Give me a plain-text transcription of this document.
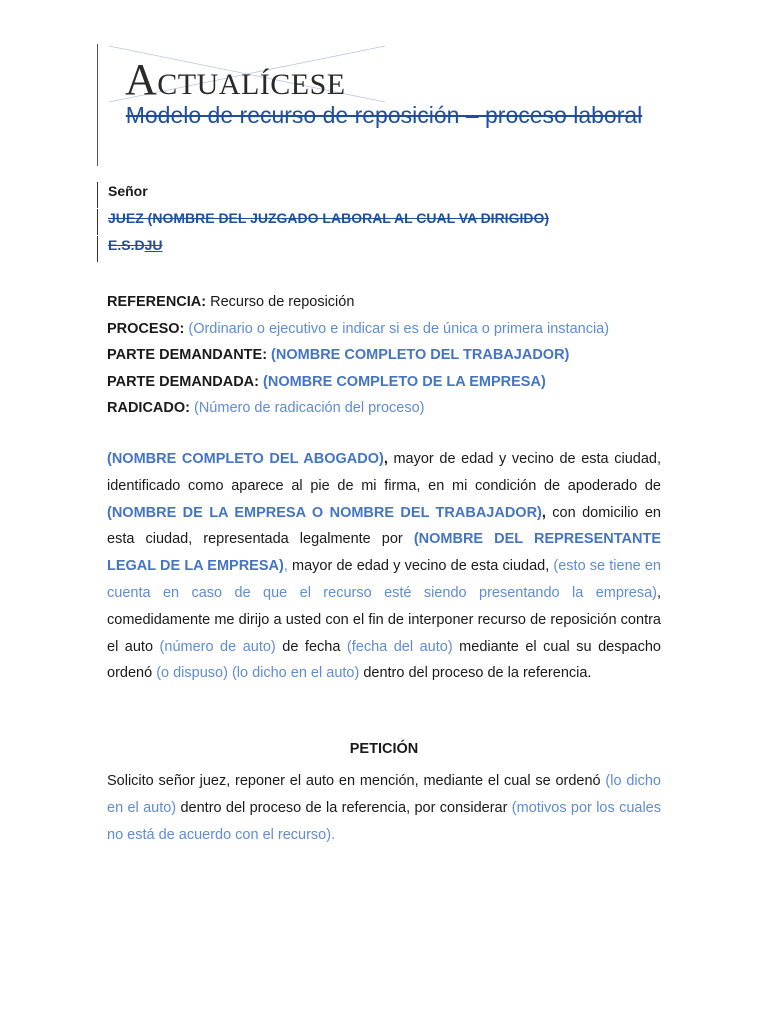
ACTUALÍCESE
Modelo de recurso de reposición – proceso laboral
Señor
JUEZ (NOMBRE DEL JUZGADO LABORAL AL CUAL VA DIRIGIDO)
E.S.DJU
REFERENCIA: Recurso de reposición
PROCESO: (Ordinario o ejecutivo e indicar si es de única o primera instancia)
PARTE DEMANDANTE: (NOMBRE COMPLETO DEL TRABAJADOR)
PARTE DEMANDADA: (NOMBRE COMPLETO DE LA EMPRESA)
RADICADO: (Número de radicación del proceso)
(NOMBRE COMPLETO DEL ABOGADO), mayor de edad y vecino de esta ciudad, identificado como aparece al pie de mi firma, en mi condición de apoderado de (NOMBRE DE LA EMPRESA O NOMBRE DEL TRABAJADOR), con domicilio en esta ciudad, representada legalmente por (NOMBRE DEL REPRESENTANTE LEGAL DE LA EMPRESA), mayor de edad y vecino de esta ciudad, (esto se tiene en cuenta en caso de que el recurso esté siendo presentando la empresa), comedidamente me dirijo a usted con el fin de interponer recurso de reposición contra el auto (número de auto) de fecha (fecha del auto) mediante el cual su despacho ordenó (o dispuso) (lo dicho en el auto) dentro del proceso de la referencia.
PETICIÓN
Solicito señor juez, reponer el auto en mención, mediante el cual se ordenó (lo dicho en el auto) dentro del proceso de la referencia, por considerar (motivos por los cuales no está de acuerdo con el recurso).
